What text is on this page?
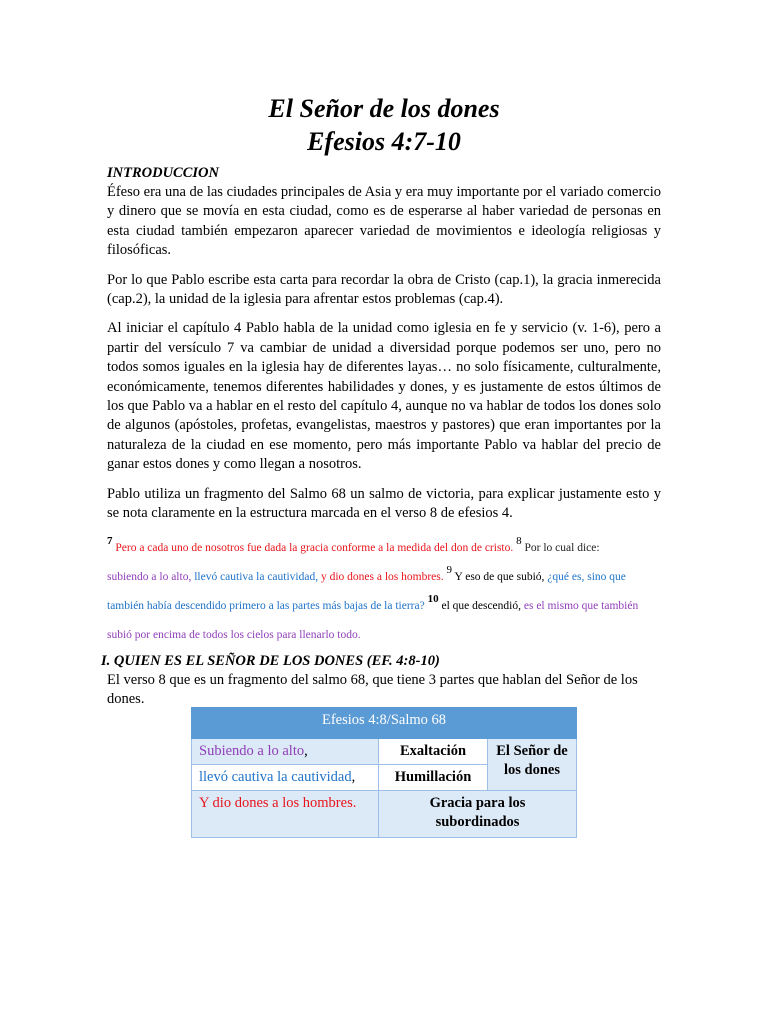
El Señor de los dones
Efesios 4:7-10
INTRODUCCION

Éfeso era una de las ciudades principales de Asia y era muy importante por el variado comercio y dinero que se movía en esta ciudad, como es de esperarse al haber variedad de personas en esta ciudad también empezaron aparecer variedad de movimientos e ideología religiosas y filosóficas.

Por lo que Pablo escribe esta carta para recordar la obra de Cristo (cap.1), la gracia inmerecida (cap.2), la unidad de la iglesia para afrentar estos problemas (cap.4).

Al iniciar el capítulo 4 Pablo habla de la unidad como iglesia en fe y servicio (v. 1-6), pero a partir del versículo 7 va cambiar de unidad a diversidad porque podemos ser uno, pero no todos somos iguales en la iglesia hay de diferentes layas… no solo físicamente, culturalmente, económicamente, tenemos diferentes habilidades y dones, y es justamente de estos últimos de los que Pablo va a hablar en el resto del capítulo 4, aunque no va hablar de todos los dones solo de algunos (apóstoles, profetas, evangelistas, maestros y pastores) que eran importantes por la naturaleza de la ciudad en ese momento, pero más importante Pablo va hablar del precio de ganar estos dones y como llegan a nosotros.

Pablo utiliza un fragmento del Salmo 68 un salmo de victoria, para explicar justamente esto y se nota claramente en la estructura marcada en el verso 8 de efesios 4.

$^7$ Pero a cada uno de nosotros fue dada la gracia conforme a la medida del don de cristo. $^8$ Por lo cual dice:
subiendo a lo alto, llevó cautiva la cautividad, y dio dones a los hombres. $^9$ Y eso de que subió, ¿qué es, sino que también había descendido primero a las partes más bajas de la tierra? $^{10}$ el que descendió, es el mismo que también subió por encima de todos los cielos para llenarlo todo.
I. QUIEN ES EL SEÑOR DE LOS DONES (EF. 4:8-10)

El verso 8 que es un fragmento del salmo 68, que tiene 3 partes que hablan del Señor de los dones.

Efesios 4:8/Salmo 68		
Subiendo a lo alto,	Exaltación	El Señor de los dones
llevó cautiva la cautividad,	Humillación	
Y dio dones a los hombres.	Gracia para los subordinados	
